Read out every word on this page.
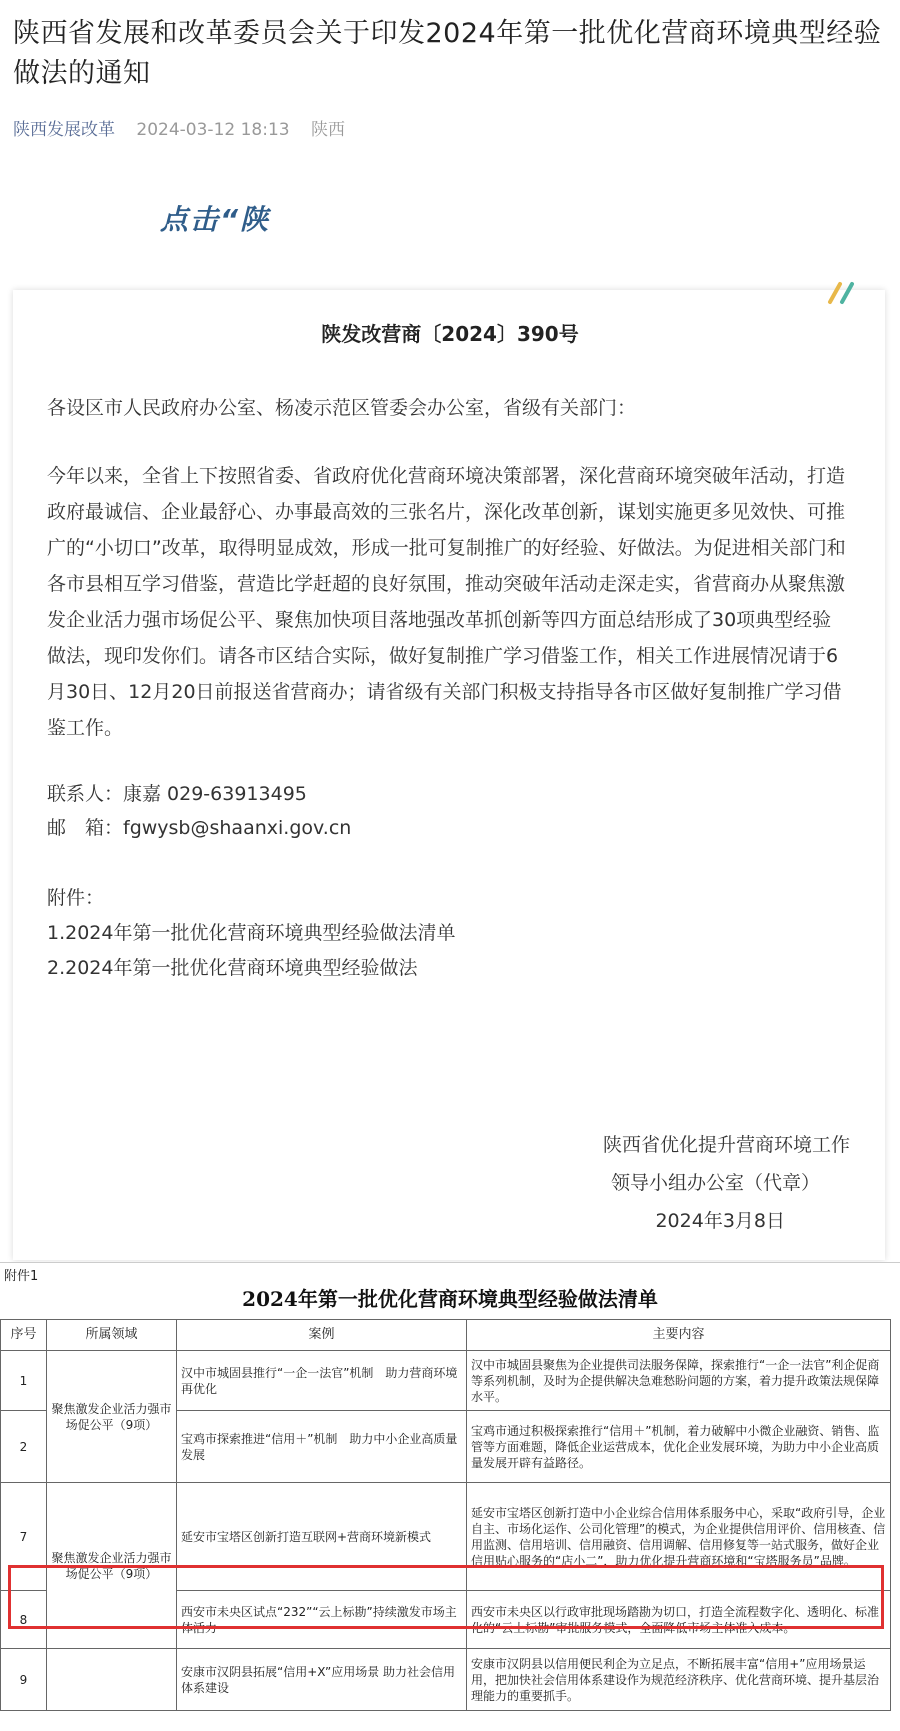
陕西省发展和改革委员会关于印发2024年第一批优化营商环境典型经验做法的通知
陕西发展改革 2024-03-12 18:13 陕西
点击“陕
陕发改营商〔2024〕390号
各设区市人民政府办公室、杨凌示范区管委会办公室，省级有关部门：
今年以来，全省上下按照省委、省政府优化营商环境决策部署，深化营商环境突破年活动，打造政府最诚信、企业最舒心、办事最高效的三张名片，深化改革创新，谋划实施更多见效快、可推广的“小切口”改革，取得明显成效，形成一批可复制推广的好经验、好做法。为促进相关部门和各市县相互学习借鉴，营造比学赶超的良好氛围，推动突破年活动走深走实，省营商办从聚焦激发企业活力强市场促公平、聚焦加快项目落地强改革抓创新等四方面总结形成了30项典型经验做法，现印发你们。请各市区结合实际，做好复制推广学习借鉴工作，相关工作进展情况请于6月30日、12月20日前报送省营商办；请省级有关部门积极支持指导各市区做好复制推广学习借鉴工作。
联系人：康嘉 029-63913495
邮　箱：fgwysb@shaanxi.gov.cn
附件：
1.2024年第一批优化营商环境典型经验做法清单
2.2024年第一批优化营商环境典型经验做法
陕西省优化提升营商环境工作
领导小组办公室（代章）
2024年3月8日
附件1
2024年第一批优化营商环境典型经验做法清单
序号	所属领域	案例	主要内容
1	聚焦激发企业活力强市场促公平（9项）	汉中市城固县推行“一企一法官”机制　助力营商环境再优化	汉中市城固县聚焦为企业提供司法服务保障，探索推行“一企一法官”利企促商等系列机制，及时为企提供解决急难愁盼问题的方案，着力提升政策法规保障水平。
2		宝鸡市探索推进“信用＋”机制　助力中小企业高质量发展	宝鸡市通过积极探索推行“信用＋”机制，着力破解中小微企业融资、销售、监管等方面难题，降低企业运营成本，优化企业发展环境，为助力中小企业高质量发展开辟有益路径。
7	聚焦激发企业活力强市场促公平（9项）	延安市宝塔区创新打造互联网+营商环境新模式	延安市宝塔区创新打造中小企业综合信用体系服务中心，采取“政府引导，企业自主、市场化运作、公司化管理”的模式，为企业提供信用评价、信用核查、信用监测、信用培训、信用融资、信用调解、信用修复等一站式服务，做好企业信用贴心服务的“店小二”，助力优化提升营商环境和“宝塔服务员”品牌。
8		西安市未央区试点“232”“云上标勘”持续激发市场主体活力	西安市未央区以行政审批现场踏勘为切口，打造全流程数字化、透明化、标准化的“云上标勘”审批服务模式，全面降低市场主体准入成本。
9		安康市汉阴县拓展“信用+X”应用场景 助力社会信用体系建设	安康市汉阴县以信用便民利企为立足点，不断拓展丰富“信用+”应用场景运用，把加快社会信用体系建设作为规范经济秩序、优化营商环境、提升基层治理能力的重要抓手。
